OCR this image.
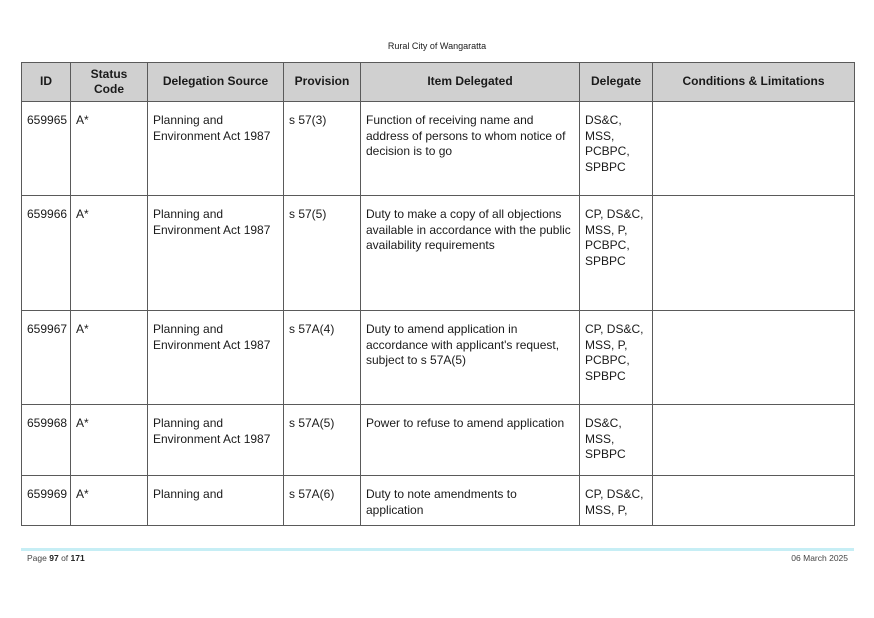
Rural City of Wangaratta
ID	Status Code	Delegation Source	Provision	Item Delegated	Delegate	Conditions & Limitations
659965	A*	Planning and Environment Act 1987	s 57(3)	Function of receiving name and address of persons to whom notice of decision is to go	DS&C, MSS, PCBPC, SPBPC	
659966	A*	Planning and Environment Act 1987	s 57(5)	Duty to make a copy of all objections available in accordance with the public availability requirements	CP, DS&C, MSS, P, PCBPC, SPBPC	
659967	A*	Planning and Environment Act 1987	s 57A(4)	Duty to amend application in accordance with applicant's request, subject to s 57A(5)	CP, DS&C, MSS, P, PCBPC, SPBPC	
659968	A*	Planning and Environment Act 1987	s 57A(5)	Power to refuse to amend application	DS&C, MSS, SPBPC	
659969	A*	Planning and	s 57A(6)	Duty to note amendments to application	CP, DS&C, MSS, P,	
Page 97 of 171	06 March 2025
